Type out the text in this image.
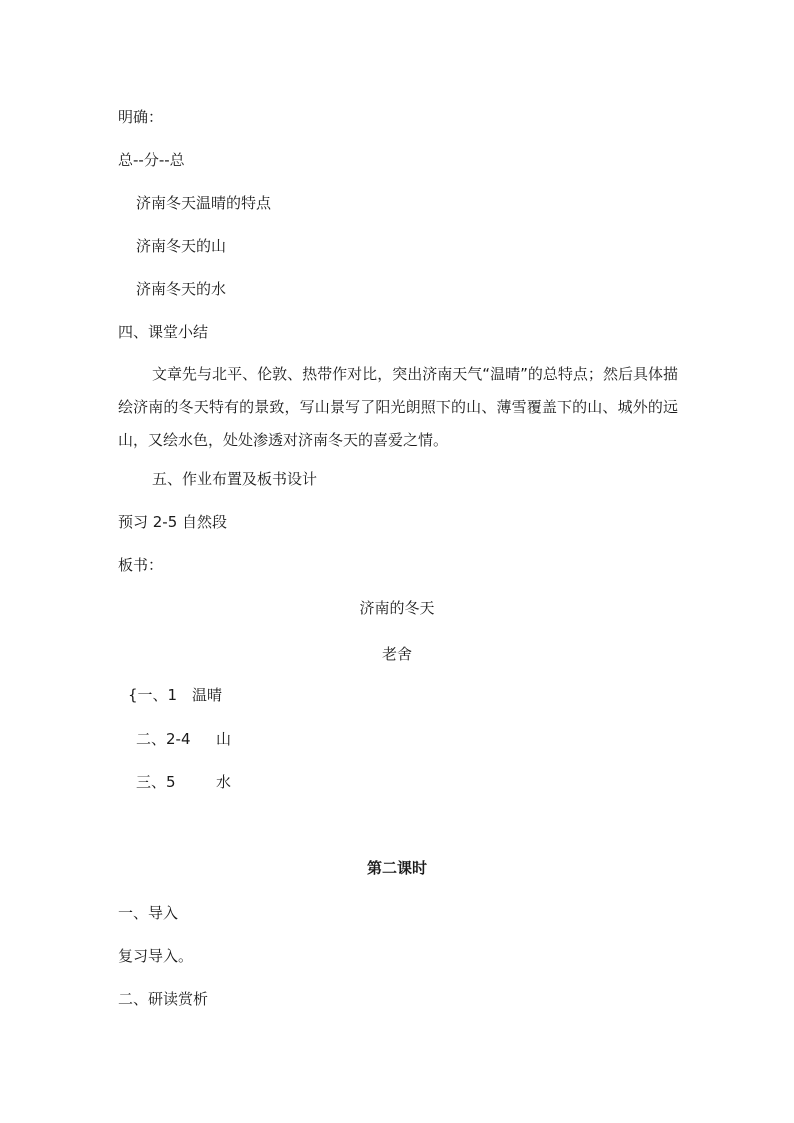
明确：
总--分--总
济南冬天温晴的特点
济南冬天的山
济南冬天的水
四、课堂小结
文章先与北平、伦敦、热带作对比，突出济南天气“温晴”的总特点；然后具体描绘济南的冬天特有的景致，写山景写了阳光朗照下的山、薄雪覆盖下的山、城外的远山，又绘水色，处处渗透对济南冬天的喜爱之情。
五、作业布置及板书设计
预习 2-5 自然段
板书：
济南的冬天
老舍
{一、1 温晴
二、2-4 山
三、5	水
第二课时
一、导入
复习导入。
二、研读赏析
